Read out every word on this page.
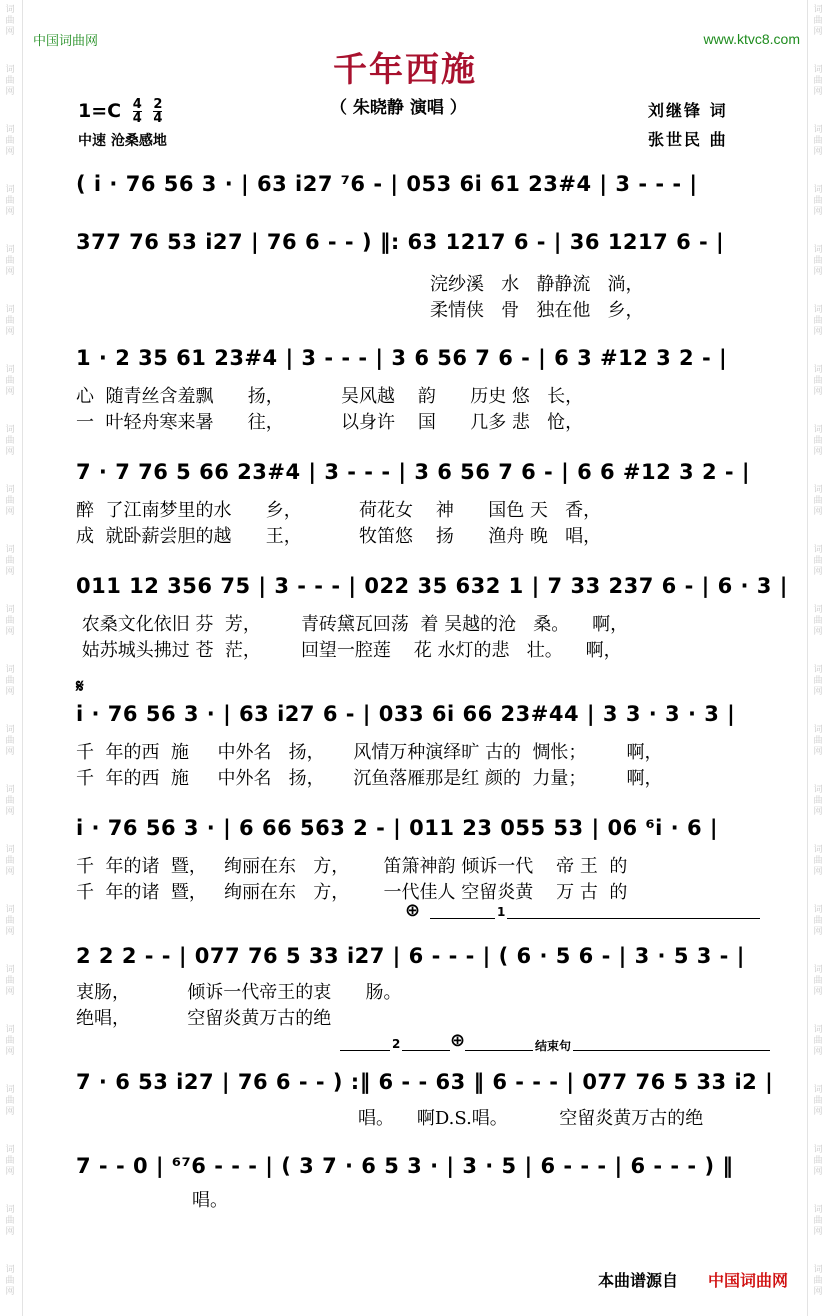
词
曲
网
词
曲
网
词
曲
网
词
曲
网
词
曲
网
词
曲
网
词
曲
网
词
曲
网
词
曲
网
词
曲
网
词
曲
网
词
曲
网
词
曲
网
词
曲
网
词
曲
网
词
曲
网
词
曲
网
词
曲
网
词
曲
网
词
曲
网
词
曲
网
词
曲
网
词
曲
网
词
曲
网
词
曲
网
词
曲
网
词
曲
网
词
曲
网
词
曲
网
词
曲
网
词
曲
网
词
曲
网
词
曲
网
词
曲
网
词
曲
网
词
曲
网
词
曲
网
词
曲
网
词
曲
网
词
曲
网
词
曲
网
词
曲
网
词
曲
网
词
曲
网
中国词曲网	www.ktvc8.com
千年西施
（ 朱晓静 演唱 ）
$1=C \frac{4}{4}$
$\frac{2}{4}$
中速 沧桑感地
刘继锋 词
张世民 曲
( i · 76 56 3 · | 63 i27 ⁷6 - | 053 6i 61 23#4 | 3 - - - |
377 76 53 i27 | 76 6 - - ) ‖: 63 1217 6 - | 36 1217 6 - |
浣纱溪   水   静静流   淌，
柔情侠   骨   独在他   乡，
1 · 2 35 61 23#4 | 3 - - - | 3 6 56 7 6 - | 6 3 #12 3 2 - |
心  随青丝含羞飘      扬，          吴风越    韵      历史 悠   长，
一  叶轻舟寒来暑      往，          以身许    国      几多 悲   怆，
7 · 7 76 5 66 23#4 | 3 - - - | 3 6 56 7 6 - | 6 6 #12 3 2 - |
醉  了江南梦里的水      乡，          荷花女    神      国色 天   香，
成  就卧薪尝胆的越      王，          牧笛悠    扬      渔舟 晚   唱，
011 12 356 75 | 3 - - - | 022 35 632 1 | 7 33 237 6 - | 6 · 3 |
农桑文化依旧 芬  芳，       青砖黛瓦回荡  着 吴越的沧   桑。    啊，
姑苏城头拂过 苍  茫，       回望一腔莲    花 水灯的悲   壮。    啊，
𝄋
i · 76 56 3 · | 63 i27 6 - | 033 6i 66 23#44 | 3 3 · 3 · 3 |
千  年的西  施     中外名   扬，     风情万种演绎旷 古的  惆怅；       啊，
千  年的西  施     中外名   扬，     沉鱼落雁那是红 颜的  力量；       啊，
i · 76 56 3 · | 6 66 563 2 - | 011 23 055 53 | 06 ⁶i · 6 |
千  年的诸  暨，   绚丽在东   方，      笛箫神韵 倾诉一代    帝 王  的
千  年的诸  暨，   绚丽在东   方，      一代佳人 空留炎黄    万 古  的
⊕	1
2 2 2 - - | 077 76 5 33 i27 | 6 - - - | ( 6 · 5 6 - | 3 · 5 3 - |
衷肠，          倾诉一代帝王的衷      肠。
绝唱，          空留炎黄万古的绝
⊕
2	结束句
7 · 6 53 i27 | 76 6 - - ) :‖ 6 - - 63 ‖ 6 - - - | 077 76 5 33 i2 |
唱。    啊D.S.唱。         空留炎黄万古的绝
7 - - 0 | ⁶⁷6 - - - | ( 3 7 · 6 5 3 · | 3 · 5 | 6 - - - | 6 - - - ) ‖
唱。
本曲谱源自 中国词曲网
